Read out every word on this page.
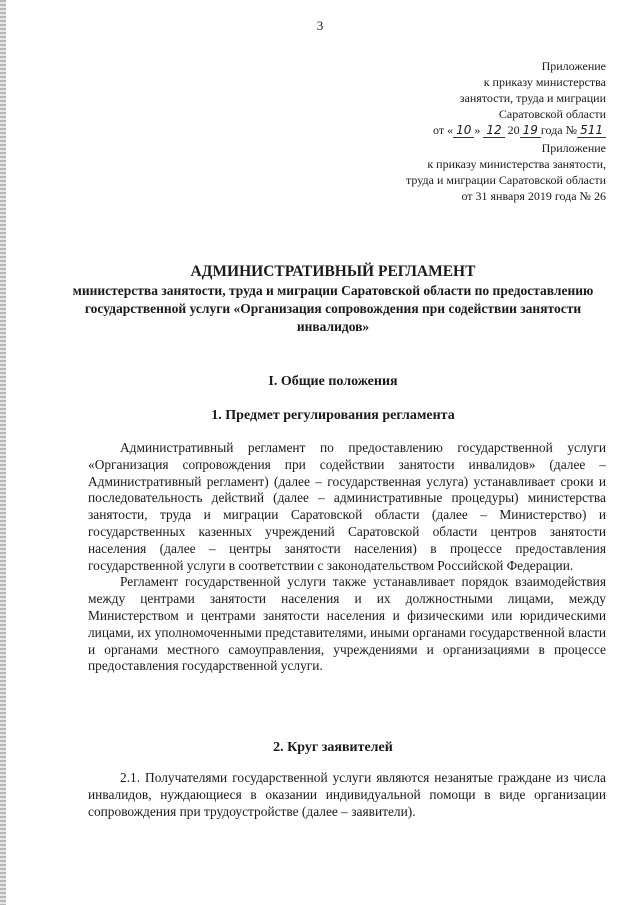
3
Приложение
к приказу министерства
занятости, труда и миграции
Саратовской области
от « 10 » 12 20 19 года № 511
Приложение
к приказу министерства занятости,
труда и миграции Саратовской области
от 31 января 2019 года № 26
АДМИНИСТРАТИВНЫЙ РЕГЛАМЕНТ
министерства занятости, труда и миграции Саратовской области по предоставлению государственной услуги «Организация сопровождения при содействии занятости инвалидов»
I. Общие положения
1. Предмет регулирования регламента

Административный регламент по предоставлению государственной услуги «Организация сопровождения при содействии занятости инвалидов» (далее – Административный регламент) (далее – государственная услуга) устанавливает сроки и последовательность действий (далее – административные процедуры) министерства занятости, труда и миграции Саратовской области (далее – Министерство) и государственных казенных учреждений Саратовской области центров занятости населения (далее – центры занятости населения) в процессе предоставления государственной услуги в соответствии с законодательством Российской Федерации.

Регламент государственной услуги также устанавливает порядок взаимодействия между центрами занятости населения и их должностными лицами, между Министерством и центрами занятости населения и физическими или юридическими лицами, их уполномоченными представителями, иными органами государственной власти и органами местного самоуправления, учреждениями и организациями в процессе предоставления государственной услуги.

2. Круг заявителей

2.1. Получателями государственной услуги являются незанятые граждане из числа инвалидов, нуждающиеся в оказании индивидуальной помощи в виде организации сопровождения при трудоустройстве (далее – заявители).
